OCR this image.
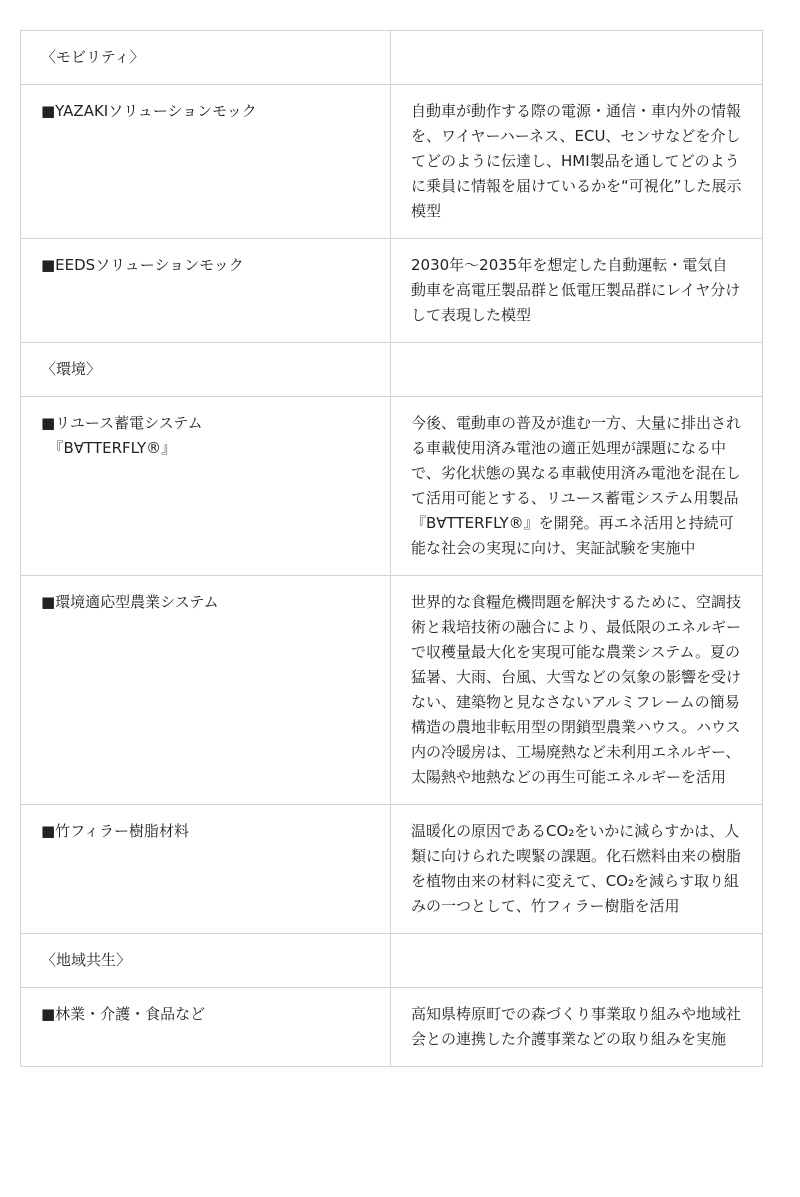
〈モビリティ〉	

■YAZAKIソリューションモック	自動車が動作する際の電源・通信・車内外の情報を、ワイヤーハーネス、ECU、センサなどを介してどのように伝達し、HMI製品を通してどのように乗員に情報を届けているかを“可視化”した展示模型

■EEDSソリューションモック	2030年〜2035年を想定した自動運転・電気自動車を高電圧製品群と低電圧製品群にレイヤ分けして表現した模型

〈環境〉	

■リユース蓄電システム
　『B∀TTERFLY®』	今後、電動車の普及が進む一方、大量に排出される車載使用済み電池の適正処理が課題になる中で、劣化状態の異なる車載使用済み電池を混在して活用可能とする、リユース蓄電システム用製品『B∀TTERFLY®』を開発。再エネ活用と持続可能な社会の実現に向け、実証試験を実施中

■環境適応型農業システム	世界的な食糧危機問題を解決するために、空調技術と栽培技術の融合により、最低限のエネルギーで収穫量最大化を実現可能な農業システム。夏の猛暑、大雨、台風、大雪などの気象の影響を受けない、建築物と見なさないアルミフレームの簡易構造の農地非転用型の閉鎖型農業ハウス。ハウス内の冷暖房は、工場廃熱など未利用エネルギー、太陽熱や地熱などの再生可能エネルギーを活用

■竹フィラー樹脂材料	温暖化の原因であるCO₂をいかに減らすかは、人類に向けられた喫緊の課題。化石燃料由来の樹脂を植物由来の材料に変えて、CO₂を減らす取り組みの一つとして、竹フィラー樹脂を活用

〈地域共生〉	

■林業・介護・食品など	高知県梼原町での森づくり事業取り組みや地域社会との連携した介護事業などの取り組みを実施
